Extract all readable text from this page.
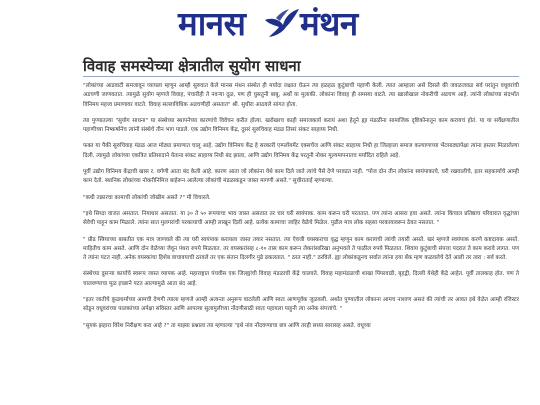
मानस मंथन
विवाह समस्येच्या क्षेत्रातील सुयोग साधना

"लोकांच्या आडवाटी समजावून घ्यायला म्हणून आम्ही सुरुवात केले मानस मंथन संस्थेत ही मर्यादा लक्षात घेऊन त्या हळहळ कुटुंबाची पहाणी केली. त्यात आम्हाला असे दिसले की जवळजवळ सर्व परांतुन वधूवरांची अडचणी जाणवतात. त्यामुळे सुयोग म्हणजे विवाह, पंचारीही ते नवऱ्या दूळ, पण ही घुसतुनी बाबू, अर्थो या मुलाकी. लोकांना विवाह ही समस्या वाटते. त्या खालोखाल नोकरीची अडचण आहे. त्यांनी लोकांच्या संदर्भात विनिमय महत्त्व प्रमाणावर वाटते. विवाह सल्लाविधिक अडचणीही असतात" श्री. सुधीरा आठवले सांगत होता.

त्या पुण्यातल्या "सुयोग साधना" या संस्थेच्या स्थापनेच्या कारणांचे विवेचन करीत होत्या. खरोखरच काही समाजकार्य करायं अशा हेतूने ह्या मंडळींना सामाजिक दृष्टिकोनातून काम करायचं होतं. या या सर्वेक्षणातील पहाणीच्या निष्कर्षानेच त्यांनी संस्थेचे तीन भाग पाडले. एक उद्योग विनिमय केंद्र, दुसरं सुरुचिवाह मंडळ तिसरं संकट साहाय्य निधी.

फक्त या पैकी सुरुचिवाह मंडळ आज मोठ्या प्रमाणात चालू आहे. उद्योग विनिमय केंद्र हे सरकारी एम्प्लॉयमेंट एक्सचेंज आणि संकट साहाय्य निधी हा जिल्हाला समाज कल्याणाच्या भेंटसाठ्यापेक्षा त्यांना हस्तार मिळालेल्या दिली. त्यामुळे लोकांच्या एकत्रित प्रतिसादाने येताना संकट साहाय्य निधी बंद झाला, आणि उद्योग विनिमय केंद्र परतूनी नोकर मूल्यमापनातच मर्यादित राहिले आहे.

पूर्वी उद्योग विनिमय केंद्राची खास र. वर्गणी आता बंद केली आहे. कारण आता जो लोकांना येथे काम दिले जाते त्यांचे पैसे देणे परवडत नाही. "पोज दोन तीन लोकांना स्वयंपाकाचे, घरी रखवालीचे, इतर सहकार्याचे आम्ही काम देतो. स्थानिक लोकांच्या नोकरीनिमित्त बाहेरून आलेल्या लोकांची मंडळाकडून जास्त मागणी असते." सुधीराताई म्हणाल्या.

"कधी तक्रारचा कामाची लोकांची जोखीम असते ?" मी विचारले.

"इथे सिध्दा वाजत असतात. नियाधार असतात. या ३० ते ५० रूपयाचा भाव जास्त असतात तर चार घरी स्वयंपाक. काम करून घरी परततात. पण त्यांना आसरा हवा असते. त्यांना किंचाल प्रतिष्ठाच परिवारात वृद्धांच्या सेवेची पाहून काम मिळाले. त्यांना सात मुलगरांची परकायाची आम्ही लाखून दिली आहे. प्रत्येक कामाचा जाहिर वेळेचे मिळेल. पुढील मात्र लोक सहसा परकायावरून ठेवत नसतात. "

" प्रौढ स्त्रियाच्या बाबतीत एक मात्र जाणवले की त्या घरी स्वयंपाक करायला जास्त तयार नसतात. त्या ऐवजी वयस्कराचा वृद्ध म्हणून काम करायची त्यांची तयारी असते. खरं म्हणजे स्वयंपाक करणे कष्टदायक असते. माहितीच काम असते. आणि दोन वेळेच्या जेवून पंधरा रुपये मिळतात. तर वयस्करांसह ८-१० तास काम करून लेकरांसारिखा अनुभवले ते पाळील रुपये मिळतात. शिवाय कुटुंबाची संपत्ता पदरात ते काम करावे लागत. पण ते त्यांना पटत नाही. अनेक वयस्कांचा हिशेब वाचावयाची ठरवले तर एक संतान दिलगीर पुढे ढकलतात. " ठरत नाही." ठरविले. ह्या लोकांकडूनच सर्वात त्यांना हया बँक म्हण कळवलेचे देते आली तर त्वरा : सर्व करते.

संस्थेच्या दुसऱ्या कार्याचे स्वरूप जास्त व्यापक आहे. महाराष्ट्रात पंचवीस एक जिल्ह्यांची विवाह मंडळाची केंद्रे चालवते. विवाह महामंडळाची शाखा पिंपरवाडी, बृहद्वी, दिल्ली येथेही केंद्रे आहेत. पूर्वी तालकाह होत. पण ते चालवण्याचा मूळ इच्छाने पटत आल्यामुळे आता बंद आहे.

"इतर जातीचे कुळधर्माच्या आमची देणगी त्याला म्हणजे आम्ही अत्यन्ता अनुरूप वाटलेली आणि स्वतः आणपूर्वक जुळवली. अर्थात पुण्यातील लोकाना आमच नाशाण असतं की त्यांची तर आवत इथे वेळेत आम्ही रजिस्टर सोडून वधूवरांच्या पालकांच्या अपेक्षा सविस्तर आणि आपल्या सुलामुलीच्या नोंदणीसाठी स्वतः पहायला पाहुनी त्या अनेक संपत्तांचे. "

"सुयकं झहारा विरेश निरीक्षण करा आहे ?" ता माझ्या प्रश्नाला त्या म्हणाल्या "इथे नांव नोंदवण्याचा छत्र आणि तरही सध्या सारासह असते. वधूच्या
